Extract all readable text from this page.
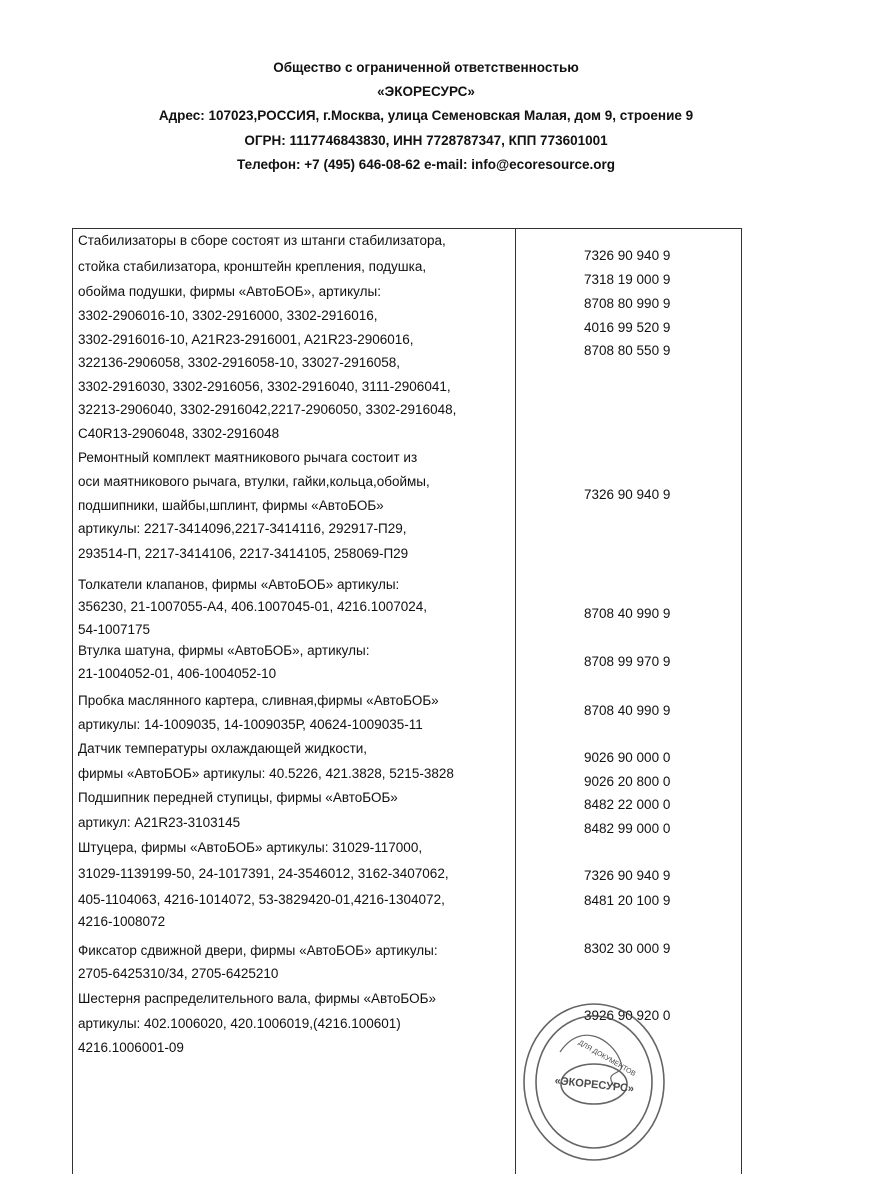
Общество с ограниченной ответственностью
«ЭКОРЕСУРС»
Адрес: 107023,РОССИЯ, г.Москва, улица Семеновская Малая, дом 9, строение 9
ОГРН: 1117746843830, ИНН 7728787347, КПП 773601001
Телефон: +7 (495) 646-08-62 e-mail: info@ecoresource.org
Стабилизаторы в сборе состоят из штанги стабилизатора,
стойка стабилизатора, кронштейн крепления, подушка,
обойма подушки, фирмы «АвтоБОБ», артикулы:
3302-2906016-10, 3302-2916000, 3302-2916016,
3302-2916016-10, A21R23-2916001, A21R23-2906016,
322136-2906058, 3302-2916058-10, 33027-2916058,
3302-2916030, 3302-2916056, 3302-2916040, 3111-2906041,
32213-2906040, 3302-2916042,2217-2906050, 3302-2916048,
C40R13-2906048, 3302-2916048
7326 90 940 9
7318 19 000 9
8708 80 990 9
4016 99 520 9
8708 80 550 9
Ремонтный комплект маятникового рычага состоит из
оси маятникового рычага, втулки, гайки,кольца,обоймы,
подшипники, шайбы,шплинт, фирмы «АвтоБОБ»
артикулы: 2217-3414096,2217-3414116, 292917-П29,
293514-П, 2217-3414106, 2217-3414105, 258069-П29
7326 90 940 9
Толкатели клапанов, фирмы «АвтоБОБ» артикулы:
356230, 21-1007055-А4, 406.1007045-01, 4216.1007024,
54-1007175
8708 40 990 9
Втулка шатуна, фирмы «АвтоБОБ», артикулы:
21-1004052-01, 406-1004052-10
8708 99 970 9
Пробка маслянного картера, сливная,фирмы «АвтоБОБ»
артикулы: 14-1009035, 14-1009035Р, 40624-1009035-11
8708 40 990 9
Датчик температуры охлаждающей жидкости,
фирмы «АвтоБОБ» артикулы: 40.5226, 421.3828, 5215-3828
9026 90 000 0
9026 20 800 0
Подшипник передней ступицы, фирмы «АвтоБОБ»
артикул: A21R23-3103145
8482 22 000 0
8482 99 000 0
Штуцера, фирмы «АвтоБОБ» артикулы: 31029-117000,
31029-1139199-50, 24-1017391, 24-3546012, 3162-3407062,
405-1104063, 4216-1014072, 53-3829420-01,4216-1304072,
4216-1008072
7326 90 940 9
8481 20 100 9
Фиксатор сдвижной двери, фирмы «АвтоБОБ» артикулы:
2705-6425310/34, 2705-6425210
8302 30 000 9
Шестерня распределительного вала, фирмы «АвтоБОБ»
артикулы: 402.1006020, 420.1006019,(4216.100601)
4216.1006001-09
3926 90 920 0
«ЭКОРЕСУРС»
ДЛЯ ДОКУМЕНТОВ
